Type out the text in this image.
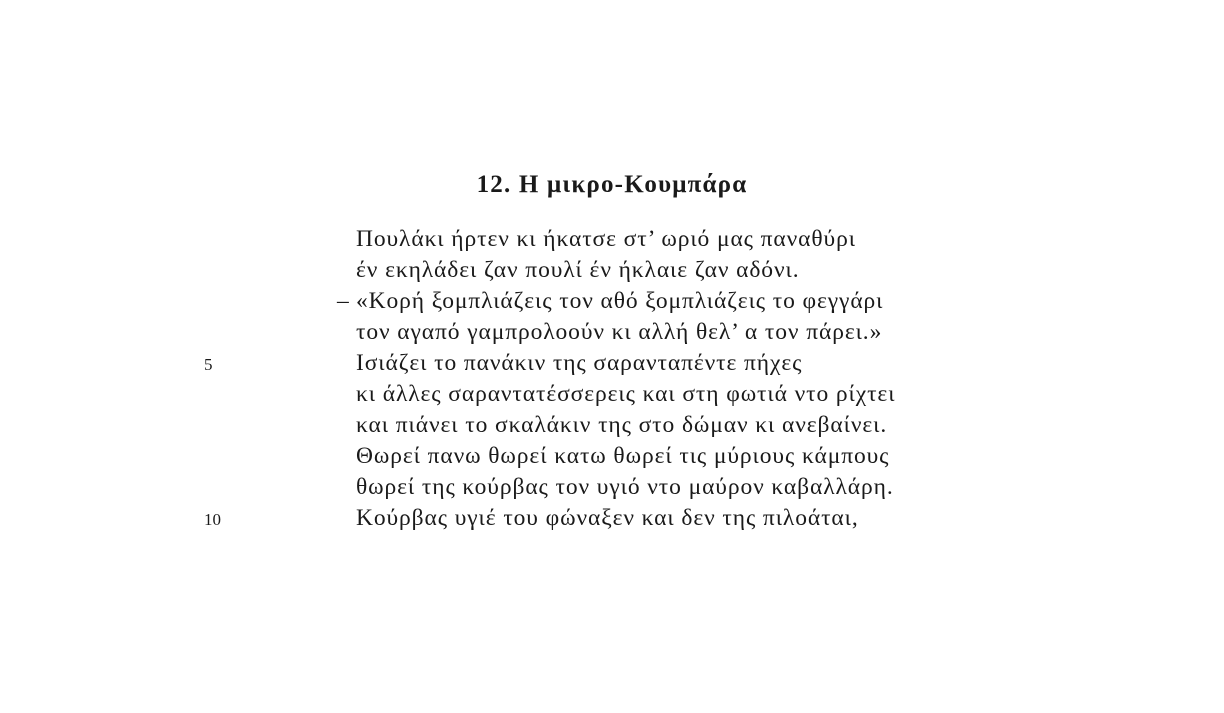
12. Η μικρο-Κουμπάρα
Πουλάκι ήρτεν κι ήκατσε στ’ ωριό μας παναθύρι
έν εκηλάδει ζαν πουλί έν ήκλαιε ζαν αδόνι.
– «Κορή ξομπλιάζεις τον αθό ξομπλιάζεις το φεγγάρι
τον αγαπό γαμπρολοούν κι αλλή θελ’ α τον πάρει.»
5	Ισιάζει το πανάκιν της σαρανταπέντε πήχες
κι άλλες σαραντατέσσερεις και στη φωτιά ντο ρίχτει
και πιάνει το σκαλάκιν της στο δώμαν κι ανεβαίνει.
Θωρεί πανω θωρεί κατω θωρεί τις μύριους κάμπους
θωρεί της κούρβας τον υγιό ντο μαύρον καβαλλάρη.
10	Κούρβας υγιέ του φώναξεν και δεν της πιλοάται,
